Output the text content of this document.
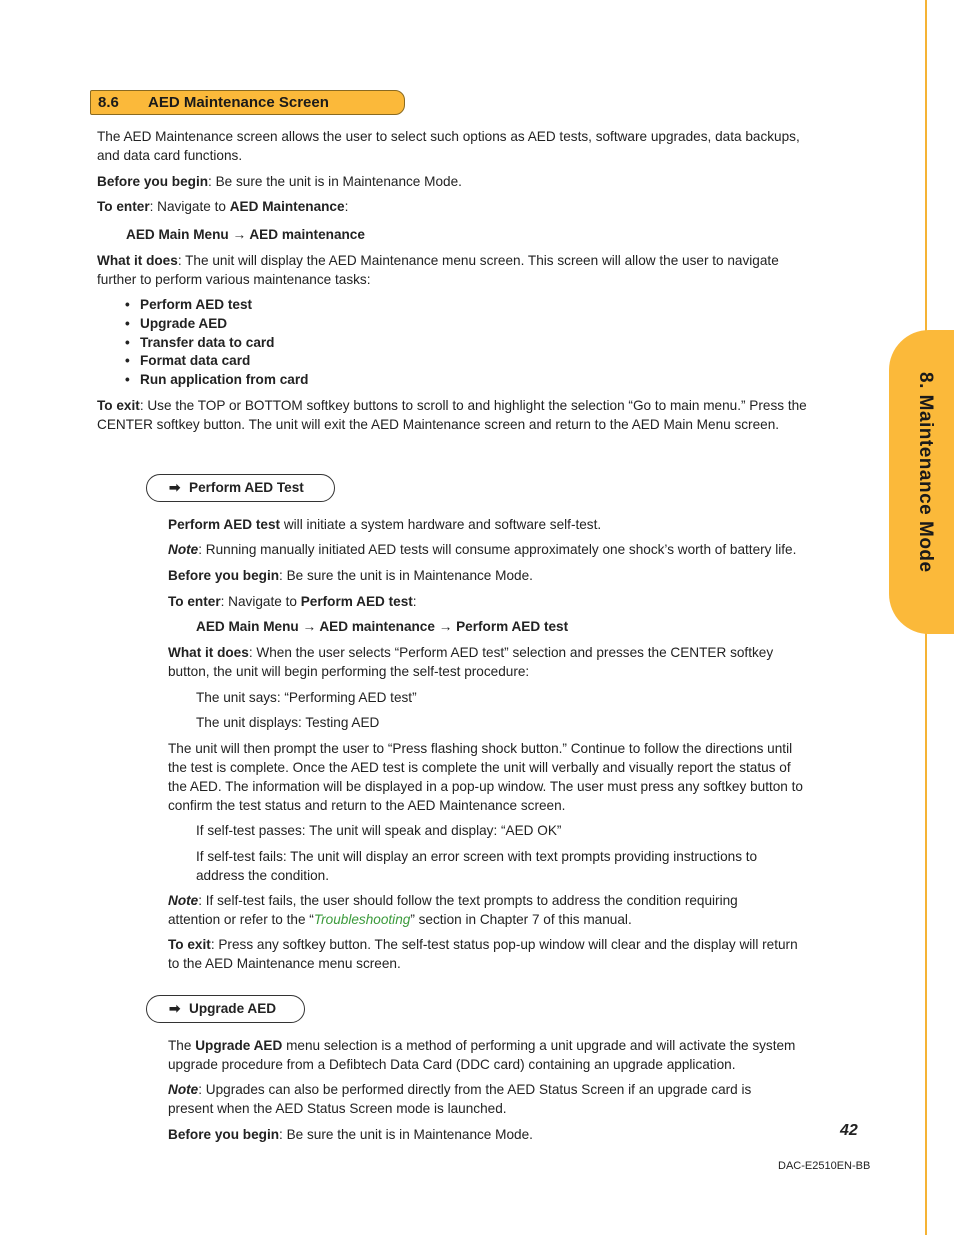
8. Maintenance Mode
8.6 AED Maintenance Screen

The AED Maintenance screen allows the user to select such options as AED tests, software upgrades, data backups, and data card functions.

Before you begin: Be sure the unit is in Maintenance Mode.

To enter: Navigate to AED Maintenance:

AED Main Menu → AED maintenance

What it does: The unit will display the AED Maintenance menu screen. This screen will allow the user to navigate further to perform various maintenance tasks:

• Perform AED test
• Upgrade AED
• Transfer data to card
• Format data card
• Run application from card

To exit: Use the TOP or BOTTOM softkey buttons to scroll to and highlight the selection “Go to main menu.” Press the CENTER softkey button. The unit will exit the AED Maintenance screen and return to the AED Main Menu screen.

➡ Perform AED Test

Perform AED test will initiate a system hardware and software self-test.

Note: Running manually initiated AED tests will consume approximately one shock’s worth of battery life.

Before you begin: Be sure the unit is in Maintenance Mode.

To enter: Navigate to Perform AED test:

AED Main Menu → AED maintenance → Perform AED test

What it does: When the user selects “Perform AED test” selection and presses the CENTER softkey button, the unit will begin performing the self-test procedure:

The unit says: “Performing AED test”

The unit displays: Testing AED

The unit will then prompt the user to “Press flashing shock button.” Continue to follow the directions until the test is complete. Once the AED test is complete the unit will verbally and visually report the status of the AED. The information will be displayed in a pop-up window. The user must press any softkey button to confirm the test status and return to the AED Maintenance screen.

If self-test passes: The unit will speak and display: “AED OK”

If self-test fails: The unit will display an error screen with text prompts providing instructions to address the condition.

Note: If self-test fails, the user should follow the text prompts to address the condition requiring attention or refer to the “Troubleshooting” section in Chapter 7 of this manual.

To exit: Press any softkey button. The self-test status pop-up window will clear and the display will return to the AED Maintenance menu screen.

➡ Upgrade AED

The Upgrade AED menu selection is a method of performing a unit upgrade and will activate the system upgrade procedure from a Defibtech Data Card (DDC card) containing an upgrade application.

Note: Upgrades can also be performed directly from the AED Status Screen if an upgrade card is present when the AED Status Screen mode is launched.

Before you begin: Be sure the unit is in Maintenance Mode.	42
DAC-E2510EN-BB
